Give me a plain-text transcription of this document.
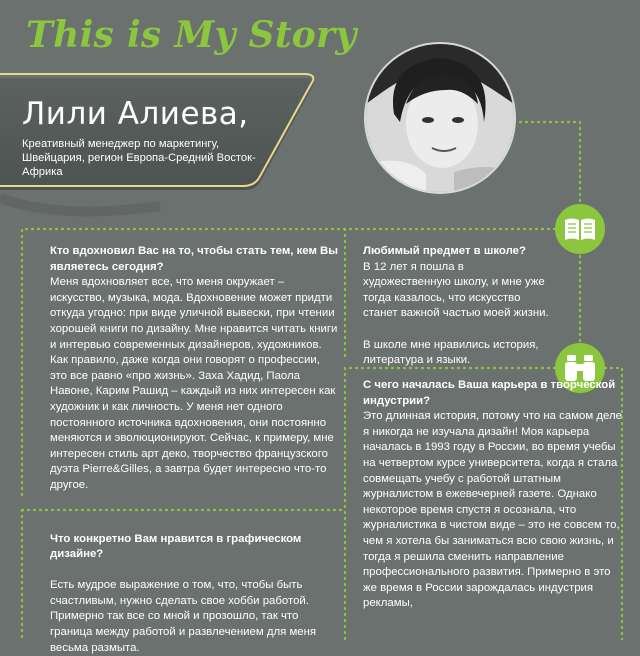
This is My Story
Лили Алиева,
Креативный менеджер по маркетингу, Швейцария, регион Европа-Средний Восток-Африка

Кто вдохновил Вас на то, чтобы стать тем, кем Вы являетесь сегодня?

Меня вдохновляет все, что меня окружает – искусство, музыка, мода. Вдохновение может придти откуда угодно: при виде уличной вывески, при чтении хорошей книги по дизайну. Мне нравится читать книги и интервью современных дизайнеров, художников. Как правило, даже когда они говорят о профессии, это все равно «про жизнь». Заха Хадид, Паола Навоне, Карим Рашид – каждый из них интересен как художник и как личность. У меня нет одного постоянного источника вдохновения, они постоянно меняются и эволюционируют. Сейчас, к примеру, мне интересен стиль арт деко, творчество французского дуэта Pierre&Gilles, а завтра будет интересно что-то другое.

Что конкретно Вам нравится в графическом дизайне?

Есть мудрое выражение о том, что, чтобы быть счастливым, нужно сделать свое хобби работой. Примерно так все со мной и прозошло, так что граница между работой и развлечением для меня весьма размыта.

Любимый предмет в школе?

В 12 лет я пошла в художественную школу, и мне уже тогда казалось, что искусство станет важной частью моей жизни.

В школе мне нравились история, литература и языки.

С чего началась Ваша карьера в творческой индустрии?

Это длинная история, потому что на самом деле я никогда не изучала дизайн! Моя карьера началась в 1993 году в России, во время учебы на четвертом курсе университета, когда я стала совмещать учебу с работой штатным журналистом в ежевечерней газете. Однако некоторое время спустя я осознала, что журналистика в чистом виде – это не совсем то, чем я хотела бы заниматься всю свою жизнь, и тогда я решила сменить направление профессионального развития. Примерно в это же время в России зарождалась индустрия рекламы,
